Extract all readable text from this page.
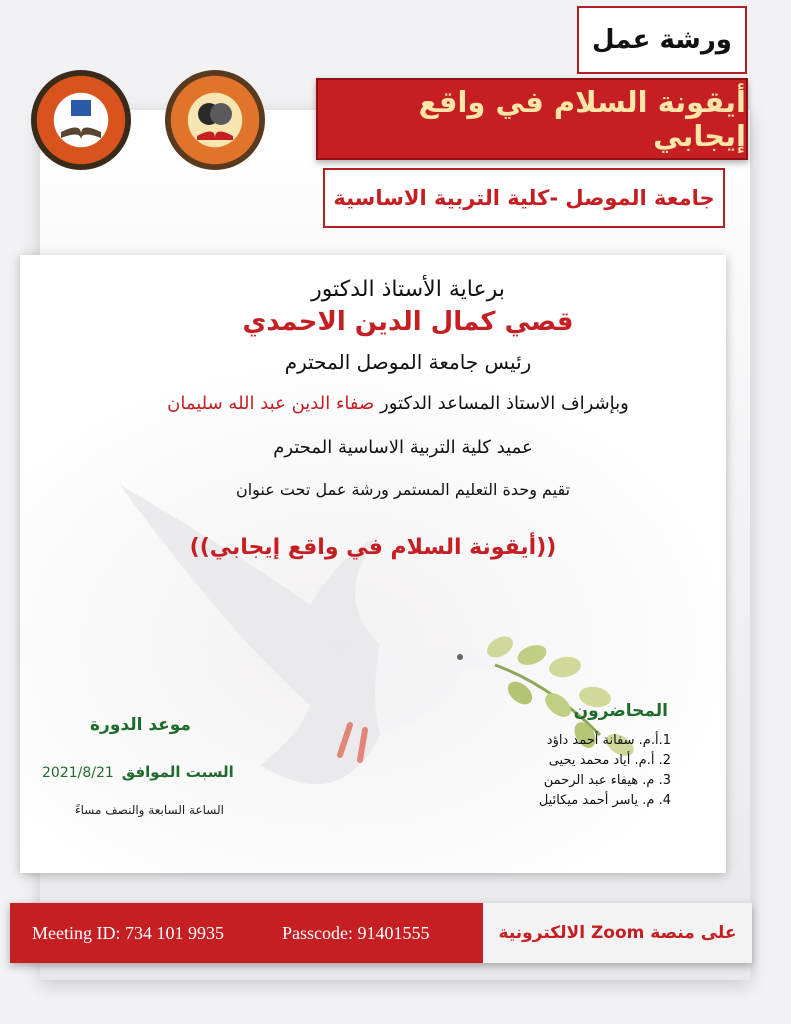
ورشة عمل
أيقونة السلام في واقع إيجابي
جامعة الموصل -كلية التربية الاساسية
برعاية الأستاذ الدكتور
قصي كمال الدين الاحمدي
رئيس جامعة الموصل المحترم
وبإشراف الاستاذ المساعد الدكتور صفاء الدين عبد الله سليمان
عميد كلية التربية الاساسية المحترم
تقيم وحدة التعليم المستمر ورشة عمل تحت عنوان
((أيقونة السلام في واقع إيجابي))
المحاضرون
1.أ.م. سفانة أحمد داؤد
2. أ.م. أياد محمد يحيى
3. م. هيفاء عبد الرحمن
4. م. ياسر أحمد ميكائيل
موعد الدورة
السبت الموافق
2021/8/21
الساعة السابعة والنصف مساءً
Meeting ID: 734 101 9935	Passcode: 91401555	على منصة Zoom الالكترونية
